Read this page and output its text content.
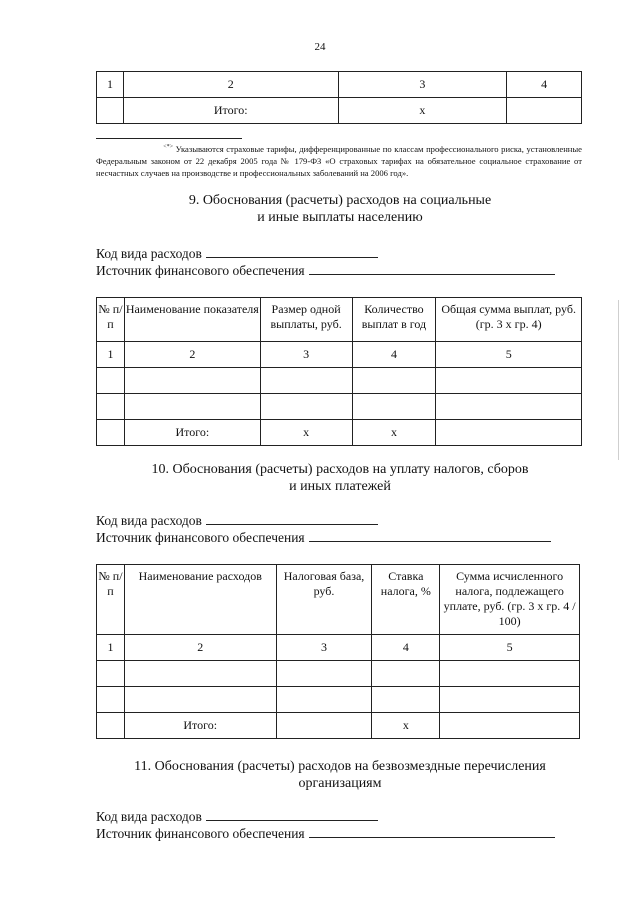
24
1	2	3	4
	Итого:	x	
<*> Указываются страховые тарифы, дифференцированные по классам профессионального риска, установленные Федеральным законом от 22 декабря 2005 года № 179-ФЗ «О страховых тарифах на обязательное социальное страхование от несчастных случаев на производстве и профессиональных заболеваний на 2006 год».
9. Обоснования (расчеты) расходов на социальные
и иные выплаты населению
Код вида расходов
Источник финансового обеспечения
№ п/п	Наименование показателя	Размер одной выплаты, руб.	Количество выплат в год	Общая сумма выплат, руб. (гр. 3 x гр. 4)
1	2	3	4	5

	Итого:	x	x	
10. Обоснования (расчеты) расходов на уплату налогов, сборов
и иных платежей
Код вида расходов
Источник финансового обеспечения
№ п/п	Наименование расходов	Налоговая база, руб.	Ставка налога, %	Сумма исчисленного налога, подлежащего уплате, руб. (гр. 3 x гр. 4 / 100)
1	2	3	4	5

	Итого:		x	
11. Обоснования (расчеты) расходов на безвозмездные перечисления
организациям
Код вида расходов
Источник финансового обеспечения
